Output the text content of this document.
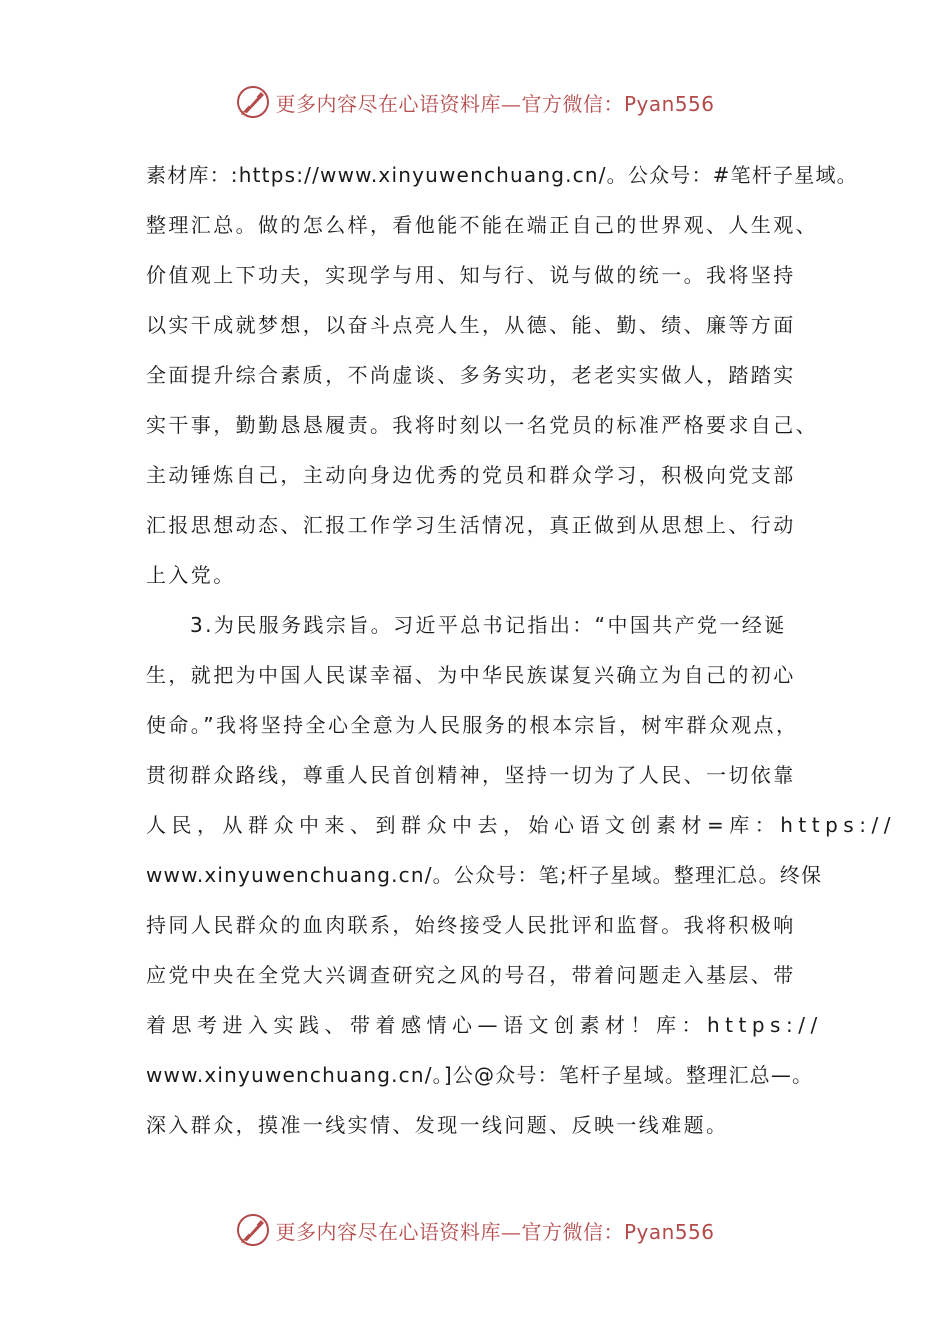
更多内容尽在心语资料库—官方微信：Pyan556
素材库：:https://www.xinyuwenchuang.cn/。公众号：#笔杆子星域。
整理汇总。做的怎么样，看他能不能在端正自己的世界观、人生观、
价值观上下功夫，实现学与用、知与行、说与做的统一。我将坚持
以实干成就梦想，以奋斗点亮人生，从德、能、勤、绩、廉等方面
全面提升综合素质，不尚虚谈、多务实功，老老实实做人，踏踏实
实干事，勤勤恳恳履责。我将时刻以一名党员的标准严格要求自己、
主动锤炼自己，主动向身边优秀的党员和群众学习，积极向党支部
汇报思想动态、汇报工作学习生活情况，真正做到从思想上、行动
上入党。
3.为民服务践宗旨。习近平总书记指出：“中国共产党一经诞
生，就把为中国人民谋幸福、为中华民族谋复兴确立为自己的初心
使命。”我将坚持全心全意为人民服务的根本宗旨，树牢群众观点，
贯彻群众路线，尊重人民首创精神，坚持一切为了人民、一切依靠
人民，从群众中来、到群众中去，始心语文创素材=库：https://
www.xinyuwenchuang.cn/。公众号：笔;杆子星域。整理汇总。终保
持同人民群众的血肉联系，始终接受人民批评和监督。我将积极响
应党中央在全党大兴调查研究之风的号召，带着问题走入基层、带
着思考进入实践、带着感情心—语文创素材！库：https://
www.xinyuwenchuang.cn/。]公@众号：笔杆子星域。整理汇总—。
深入群众，摸准一线实情、发现一线问题、反映一线难题。
更多内容尽在心语资料库—官方微信：Pyan556
